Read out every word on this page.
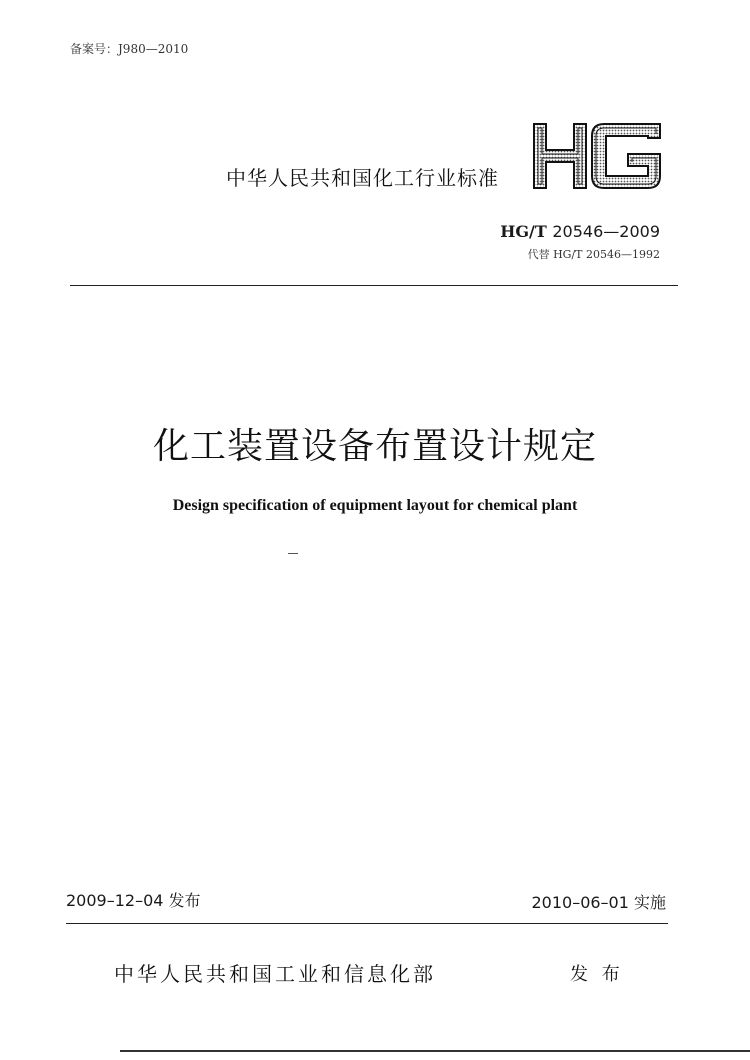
备案号：J980—2010
中华人民共和国化工行业标准
HG/T 20546—2009
代替 HG/T 20546—1992
化工装置设备布置设计规定
Design specification of equipment layout for chemical plant
2009–12–04 发布	2010–06–01 实施
中华人民共和国工业和信息化部	发 布
